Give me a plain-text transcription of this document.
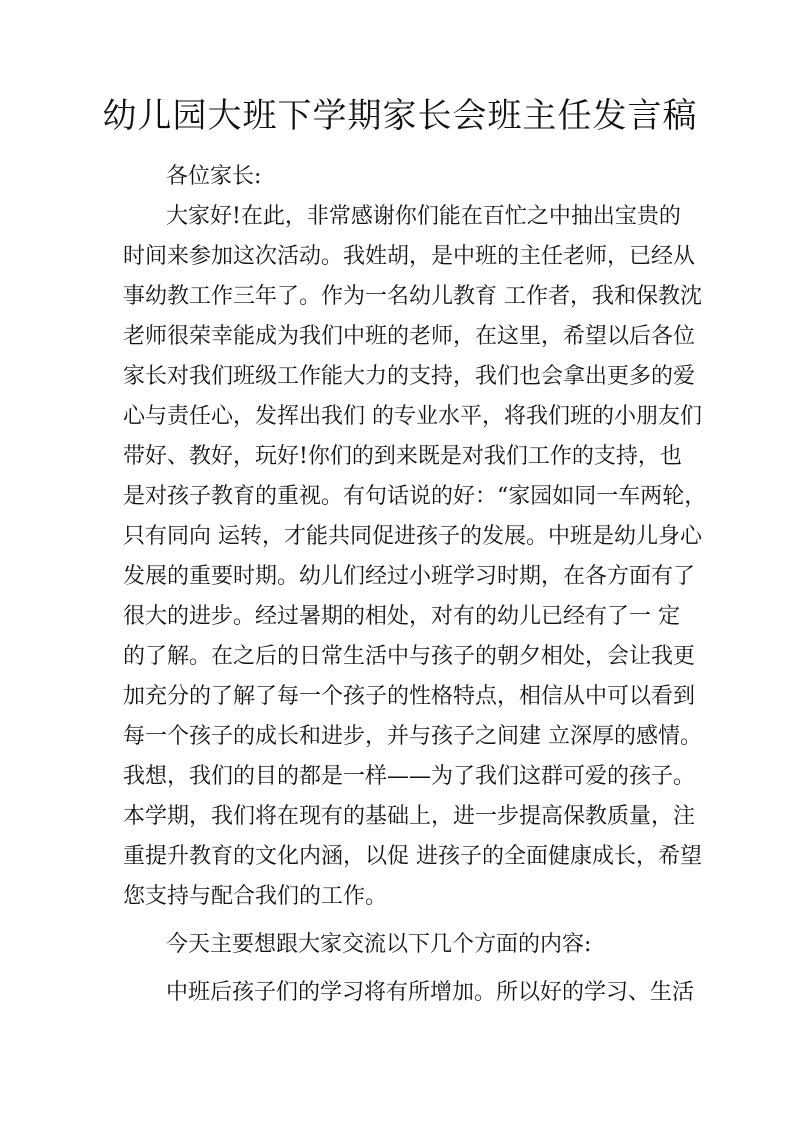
幼儿园大班下学期家长会班主任发言稿

各位家长:

大家好!在此，非常感谢你们能在百忙之中抽出宝贵的

时间来参加这次活动。我姓胡，是中班的主任老师，已经从

事幼教工作三年了。作为一名幼儿教育 工作者，我和保教沈

老师很荣幸能成为我们中班的老师，在这里，希望以后各位

家长对我们班级工作能大力的支持，我们也会拿出更多的爱

心与责任心，发挥出我们 的专业水平，将我们班的小朋友们

带好、教好，玩好!你们的到来既是对我们工作的支持，也

是对孩子教育的重视。有句话说的好：“家园如同一车两轮，

只有同向 运转，才能共同促进孩子的发展。中班是幼儿身心

发展的重要时期。幼儿们经过小班学习时期，在各方面有了

很大的进步。经过暑期的相处，对有的幼儿已经有了一 定

的了解。在之后的日常生活中与孩子的朝夕相处，会让我更

加充分的了解了每一个孩子的性格特点，相信从中可以看到

每一个孩子的成长和进步，并与孩子之间建 立深厚的感情。

我想，我们的目的都是一样——为了我们这群可爱的孩子。

本学期，我们将在现有的基础上，进一步提高保教质量，注

重提升教育的文化内涵，以促 进孩子的全面健康成长，希望

您支持与配合我们的工作。

今天主要想跟大家交流以下几个方面的内容:

中班后孩子们的学习将有所增加。所以好的学习、生活
